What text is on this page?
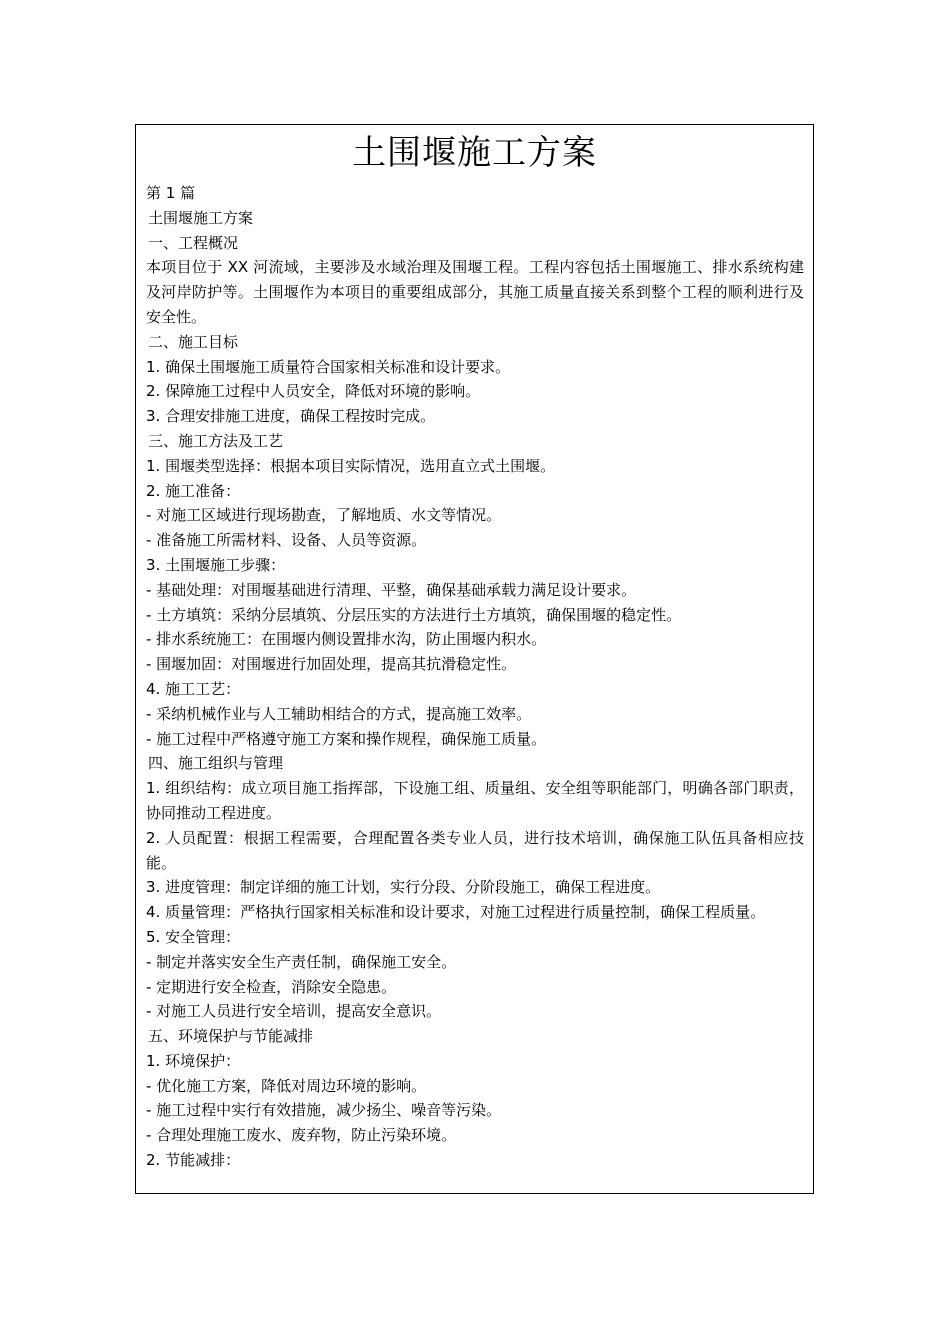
土围堰施工方案
第 1 篇
土围堰施工方案
一、工程概况
本项目位于 XX 河流域，主要涉及水域治理及围堰工程。工程内容包括土围堰施工、排水系统构建及河岸防护等。土围堰作为本项目的重要组成部分，其施工质量直接关系到整个工程的顺利进行及安全性。
二、施工目标
1. 确保土围堰施工质量符合国家相关标准和设计要求。
2. 保障施工过程中人员安全，降低对环境的影响。
3. 合理安排施工进度，确保工程按时完成。
三、施工方法及工艺
1. 围堰类型选择：根据本项目实际情况，选用直立式土围堰。
2. 施工准备：
- 对施工区域进行现场勘查，了解地质、水文等情况。
- 准备施工所需材料、设备、人员等资源。
3. 土围堰施工步骤：
- 基础处理：对围堰基础进行清理、平整，确保基础承载力满足设计要求。
- 土方填筑：采纳分层填筑、分层压实的方法进行土方填筑，确保围堰的稳定性。
- 排水系统施工：在围堰内侧设置排水沟，防止围堰内积水。
- 围堰加固：对围堰进行加固处理，提高其抗滑稳定性。
4. 施工工艺：
- 采纳机械作业与人工辅助相结合的方式，提高施工效率。
- 施工过程中严格遵守施工方案和操作规程，确保施工质量。
四、施工组织与管理
1. 组织结构：成立项目施工指挥部，下设施工组、质量组、安全组等职能部门，明确各部门职责，协同推动工程进度。
2. 人员配置：根据工程需要，合理配置各类专业人员，进行技术培训，确保施工队伍具备相应技能。
3. 进度管理：制定详细的施工计划，实行分段、分阶段施工，确保工程进度。
4. 质量管理：严格执行国家相关标准和设计要求，对施工过程进行质量控制，确保工程质量。
5. 安全管理：
- 制定并落实安全生产责任制，确保施工安全。
- 定期进行安全检查，消除安全隐患。
- 对施工人员进行安全培训，提高安全意识。
五、环境保护与节能减排
1. 环境保护：
- 优化施工方案，降低对周边环境的影响。
- 施工过程中实行有效措施，减少扬尘、噪音等污染。
- 合理处理施工废水、废弃物，防止污染环境。
2. 节能减排：
